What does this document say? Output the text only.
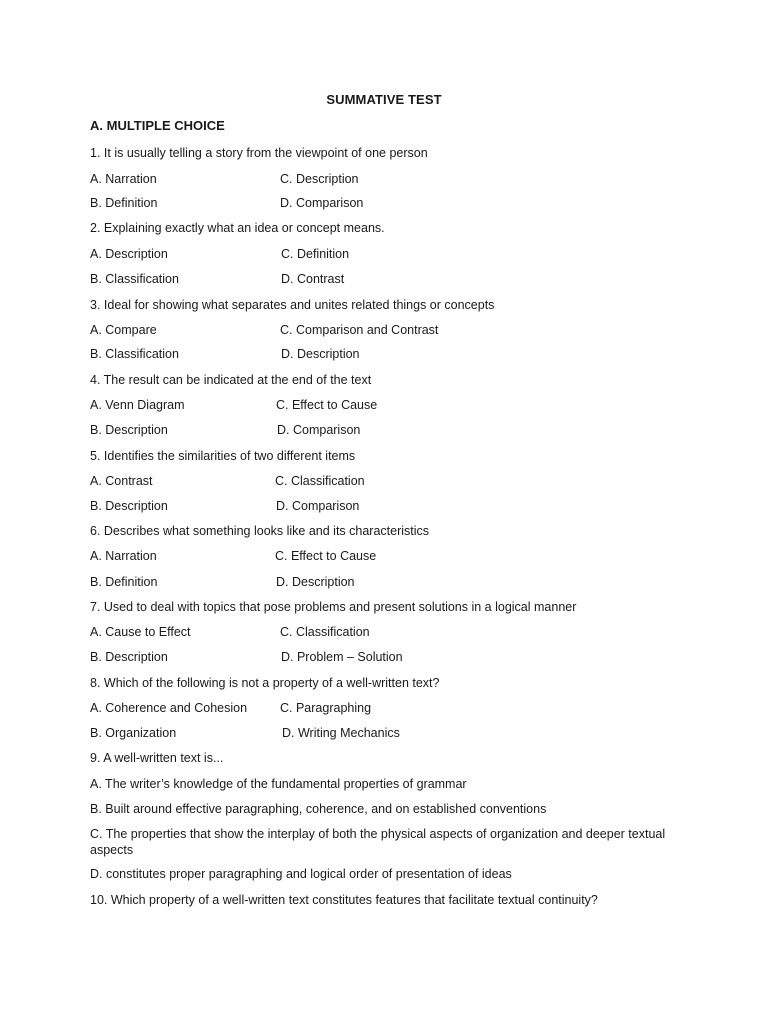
SUMMATIVE TEST
A. MULTIPLE CHOICE
1. It is usually telling a story from the viewpoint of one person
A. Narration	C. Description
B. Definition	D. Comparison
2. Explaining exactly what an idea or concept means.
A. Description	C. Definition
B. Classification	D. Contrast
3. Ideal for showing what separates and unites related things or concepts
A. Compare	C. Comparison and Contrast
B. Classification	D. Description
4. The result can be indicated at the end of the text
A. Venn Diagram	C. Effect to Cause
B. Description	D. Comparison
5. Identifies the similarities of two different items
A. Contrast	C. Classification
B. Description	D. Comparison
6. Describes what something looks like and its characteristics
A. Narration	C. Effect to Cause
B. Definition	D. Description
7. Used to deal with topics that pose problems and present solutions in a logical manner
A. Cause to Effect	C. Classification
B. Description	D. Problem – Solution
8. Which of the following is not a property of a well-written text?
A. Coherence and Cohesion	C. Paragraphing
B. Organization	D. Writing Mechanics
9. A well-written text is...
A. The writer’s knowledge of the fundamental properties of grammar
B. Built around effective paragraphing, coherence, and on established conventions
C. The properties that show the interplay of both the physical aspects of organization and deeper textual aspects
D. constitutes proper paragraphing and logical order of presentation of ideas
10. Which property of a well-written text constitutes features that facilitate textual continuity?
